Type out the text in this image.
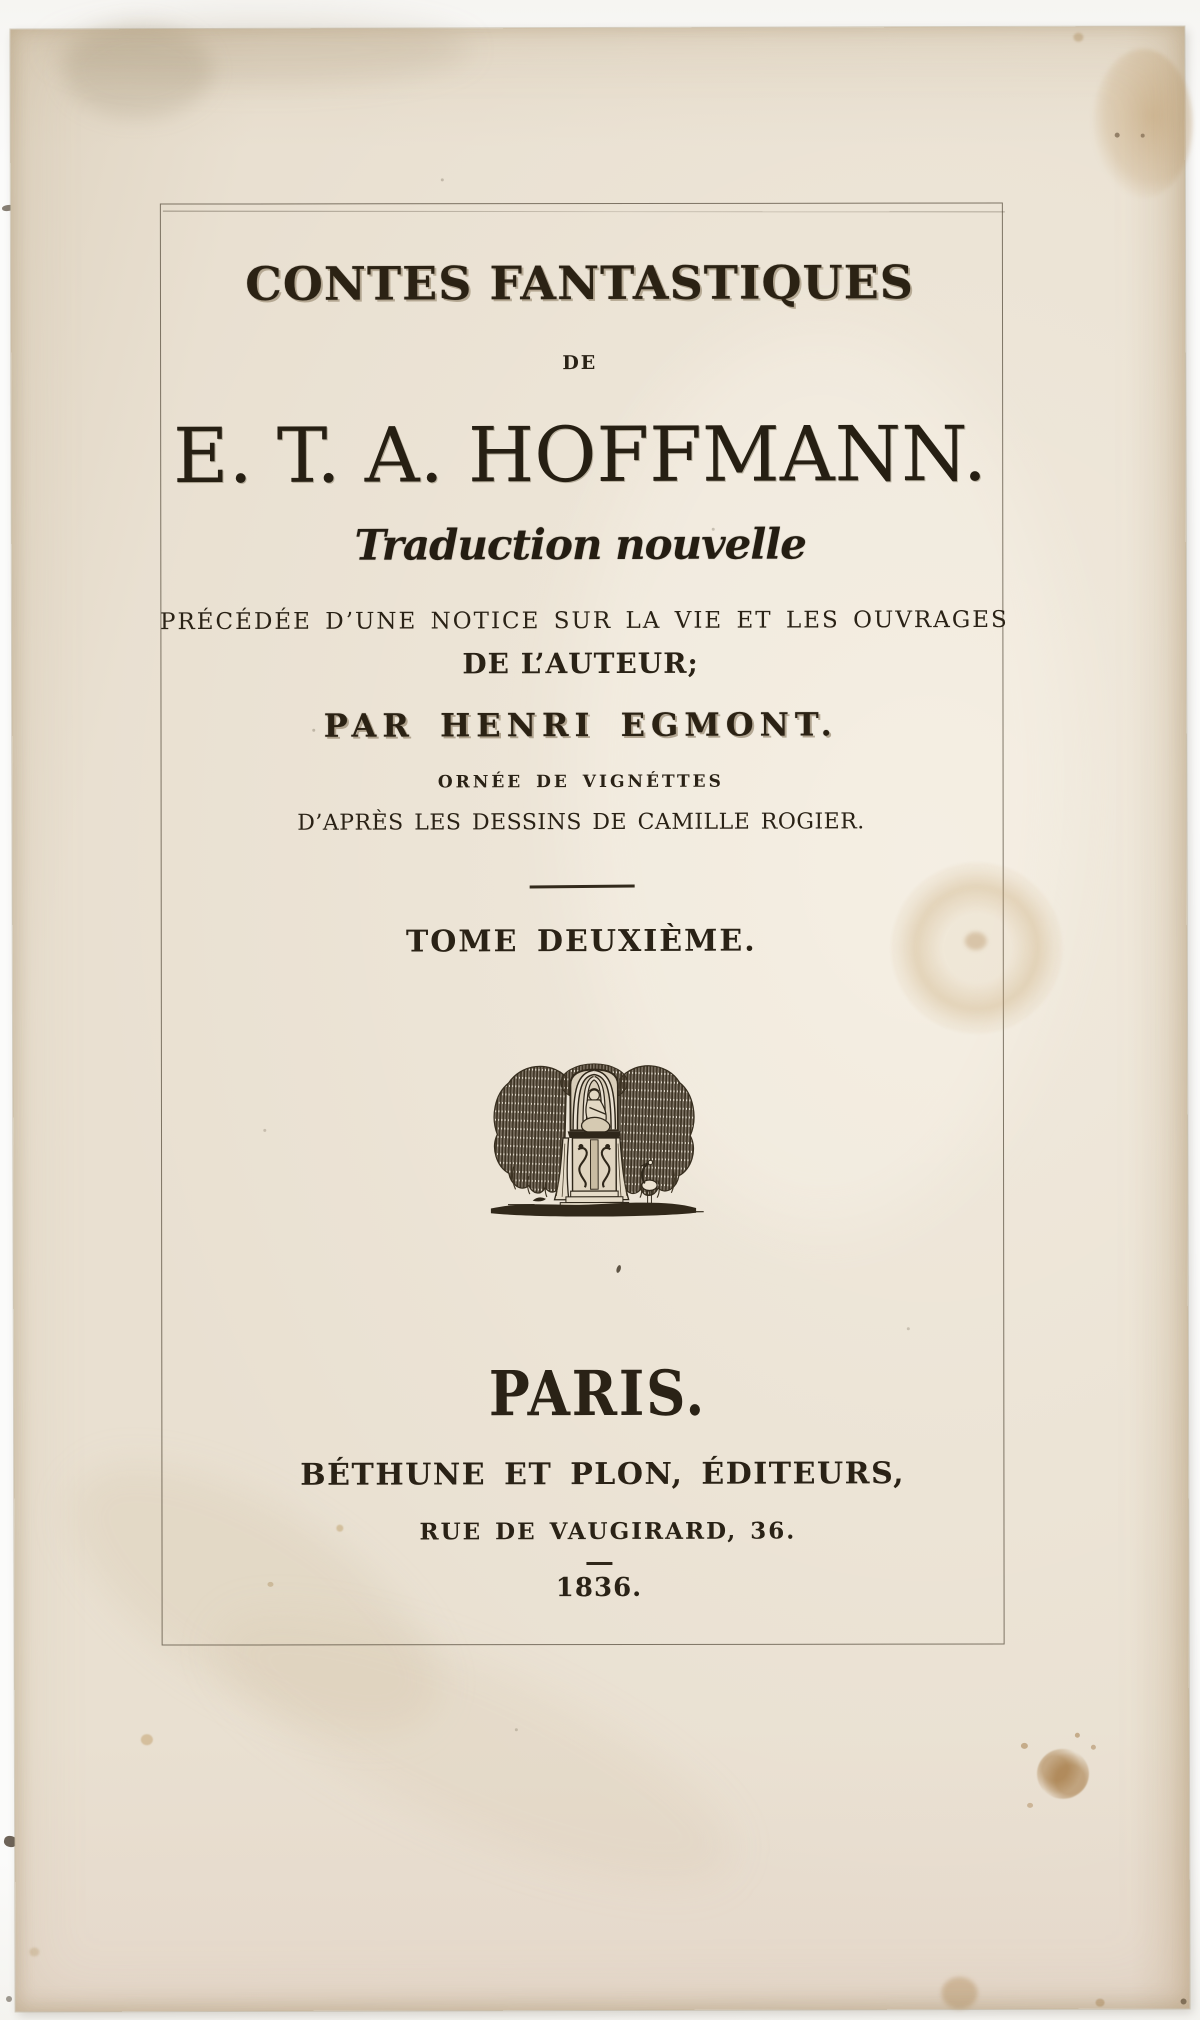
CONTES FANTASTIQUES
DE
E. T. A. HOFFMANN.
Traduction nouvelle
PRÉCÉDÉE D’UNE NOTICE SUR LA VIE ET LES OUVRAGES
DE L’AUTEUR;
PAR HENRI EGMONT.
ORNÉE DE VIGNÉTTES
D’APRÈS LES DESSINS DE CAMILLE ROGIER.
TOME DEUXIÈME.
PARIS.
BÉTHUNE ET PLON, ÉDITEURS,
RUE DE VAUGIRARD, 36.
1836.
